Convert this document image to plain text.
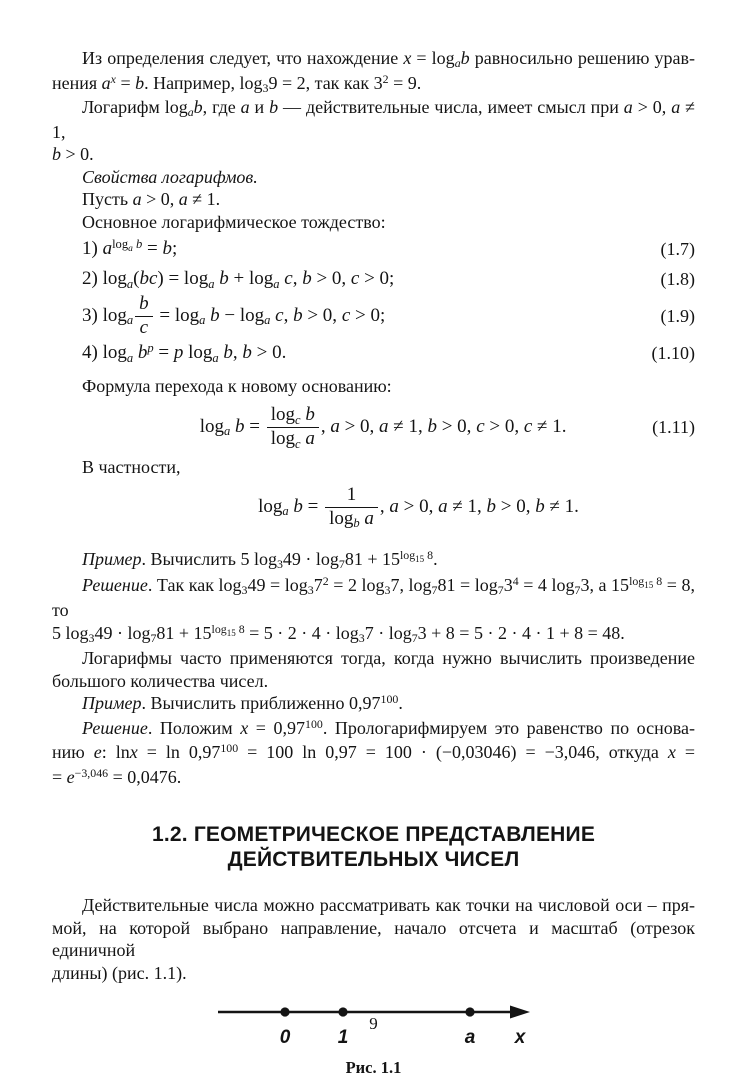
Из определения следует, что нахождение x = logab равносильно решению урав-
нения $a^x = b$. Например, log39 = 2, так как $3^2 = 9$.
Логарифм logab, где a и b — действительные числа, имеет смысл при a > 0, a ≠ 1,
b > 0.
Свойства логарифмов.
Пусть a > 0, a ≠ 1.
Основное логарифмическое тождество:
1) $a^{log}a$ $^b$ = b;	(1.7)
2) loga(bc) = loga b + loga c, b > 0, c > 0;	(1.8)
3) loga $\frac{b}{c} = \log a$ b − loga c, b > 0, c > 0;	(1.9)
4) loga $b^p = p$ loga b, b > 0.	(1.10)
Формула перехода к новому основанию:
loga $b = \frac{\text{logc b}}{\text{logc a}}$ , a > 0, a ≠ 1, b > 0, c > 0, c ≠ 1.	(1.11)
В частности,
loga $b = \frac{1}{\text{logb a}}$ , a > 0, a ≠ 1, b > 0, b ≠ 1.
Пример. Вычислить 5 $\log 349 \cdot \log 781 + 15^{log}15$ $^8$.
Решение. Так как $\log 349 = \log 37^2 = 2$ log37, $\log 781 = \log 73^4 = 4$ log73, а $15^{log}15$ $^8$ = 8, то
5 $\log 349 \cdot \log 781 + 15^{log}15$ $^8$ = 5 · 2 · 4 · log37 · log73 + 8 = 5 · 2 · 4 · 1 + 8 = 48.
Логарифмы часто применяются тогда, когда нужно вычислить произведение
большого количества чисел.
Пример. Вычислить приближенно 0,97$^{100}$.
Решение. Положим $x = 0,97^{100}$. Прологарифмируем это равенство по основа-
нию e: $\ln x = \ln 0,97^{100} = 100$ ln 0,97 = 100 · (−0,03046) = −3,046, откуда x =
= $e^{-3,046} = 0,0476$.
1.2. ГЕОМЕТРИЧЕСКОЕ ПРЕДСТАВЛЕНИЕ
ДЕЙСТВИТЕЛЬНЫХ ЧИСЕЛ
Действительные числа можно рассматривать как точки на числовой оси – пря-
мой, на которой выбрано направление, начало отсчета и масштаб (отрезок единичной
длины) (рис. 1.1).
0 1	a x
Рис. 1.1
9
